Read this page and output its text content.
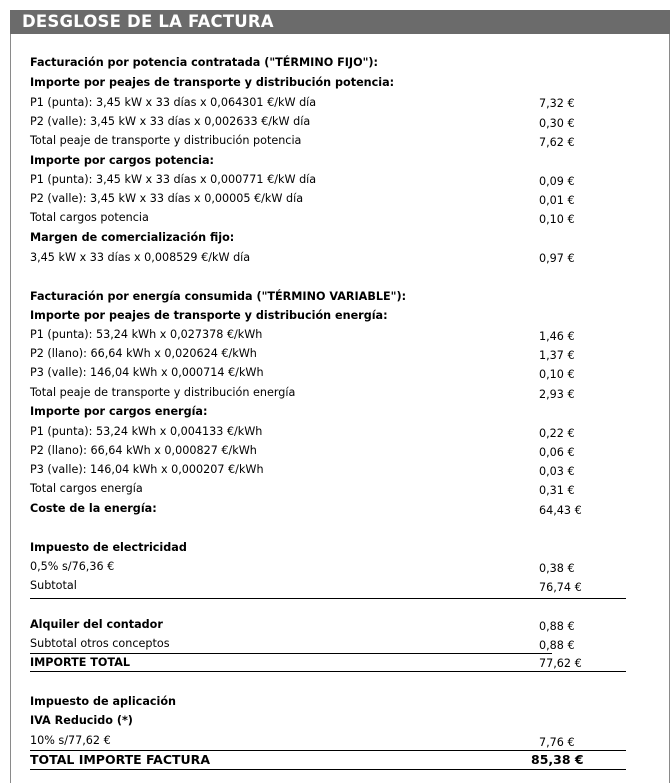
DESGLOSE DE LA FACTURA
Facturación por potencia contratada ("TÉRMINO FIJO"):
Importe por peajes de transporte y distribución potencia:
P1 (punta): 3,45 kW x 33 días x 0,064301 €/kW día	7,32 €
P2 (valle): 3,45 kW x 33 días x 0,002633 €/kW día	0,30 €
Total peaje de transporte y distribución potencia	7,62 €
Importe por cargos potencia:
P1 (punta): 3,45 kW x 33 días x 0,000771 €/kW día	0,09 €
P2 (valle): 3,45 kW x 33 días x 0,00005 €/kW día	0,01 €
Total cargos potencia	0,10 €
Margen de comercialización fijo:
3,45 kW x 33 días x 0,008529 €/kW día	0,97 €
Facturación por energía consumida ("TÉRMINO VARIABLE"):
Importe por peajes de transporte y distribución energía:
P1 (punta): 53,24 kWh x 0,027378 €/kWh	1,46 €
P2 (llano): 66,64 kWh x 0,020624 €/kWh	1,37 €
P3 (valle): 146,04 kWh x 0,000714 €/kWh	0,10 €
Total peaje de transporte y distribución energía	2,93 €
Importe por cargos energía:
P1 (punta): 53,24 kWh x 0,004133 €/kWh	0,22 €
P2 (llano): 66,64 kWh x 0,000827 €/kWh	0,06 €
P3 (valle): 146,04 kWh x 0,000207 €/kWh	0,03 €
Total cargos energía	0,31 €
Coste de la energía:	64,43 €
Impuesto de electricidad
0,5% s/76,36 €	0,38 €
Subtotal	76,74 €
Alquiler del contador	0,88 €
Subtotal otros conceptos	0,88 €
IMPORTE TOTAL	77,62 €
Impuesto de aplicación
IVA Reducido (*)
10% s/77,62 €	7,76 €
TOTAL IMPORTE FACTURA	85,38 €
